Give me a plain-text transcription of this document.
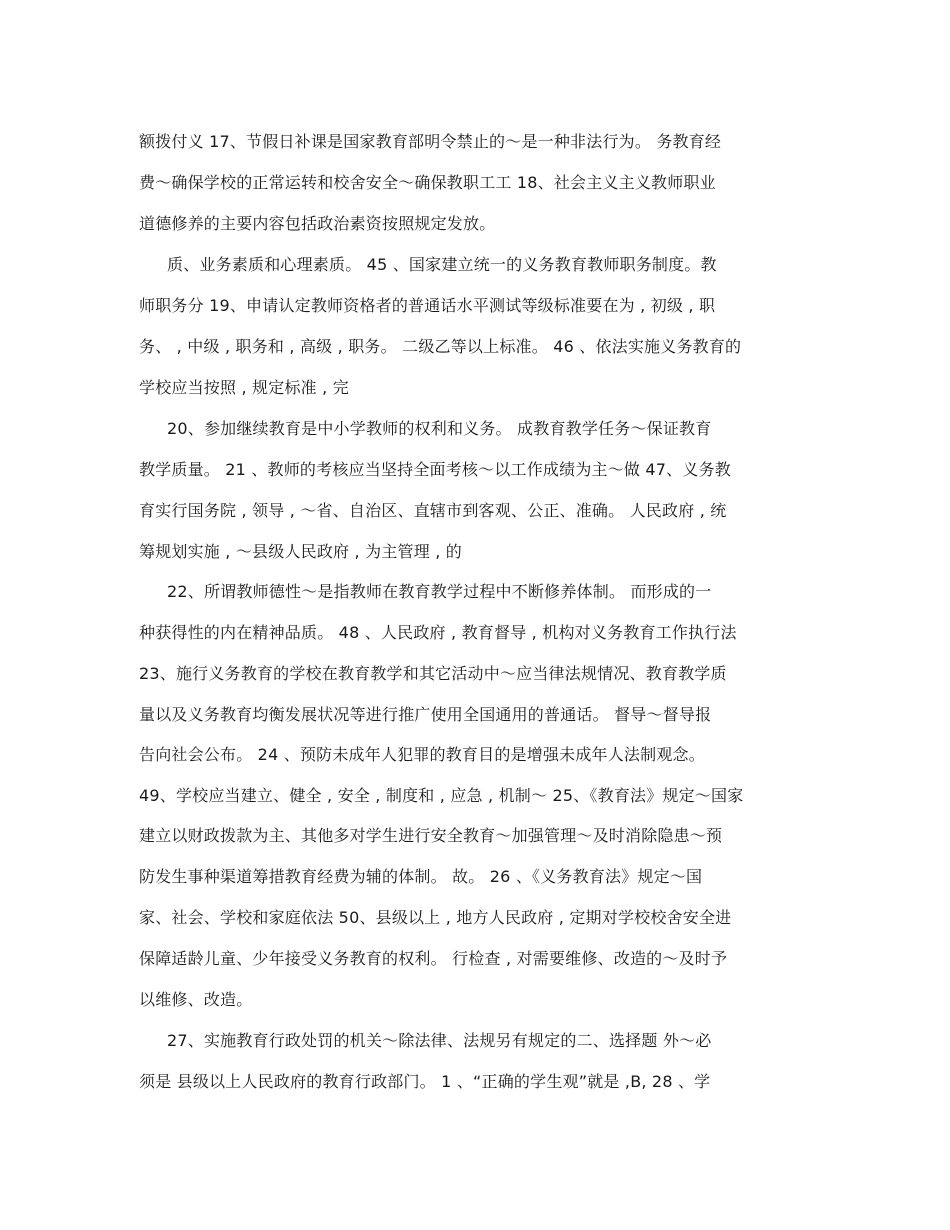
额拨付义 17、节假日补课是国家教育部明令禁止的～是一种非法行为。 务教育经
费～确保学校的正常运转和校舍安全～确保教职工工 18、社会主义主义教师职业
道德修养的主要内容包括政治素资按照规定发放。
质、业务素质和心理素质。 45 、国家建立统一的义务教育教师职务制度。教
师职务分 19、申请认定教师资格者的普通话水平测试等级标准要在为 , 初级 , 职
务、 , 中级 , 职务和 , 高级 , 职务。 二级乙等以上标准。 46 、依法实施义务教育的
学校应当按照 , 规定标准 , 完
20、参加继续教育是中小学教师的权利和义务。 成教育教学任务～保证教育
教学质量。 21 、教师的考核应当坚持全面考核～以工作成绩为主～做 47、义务教
育实行国务院 , 领导 , ～省、自治区、直辖市到客观、公正、准确。 人民政府 , 统
筹规划实施 , ～县级人民政府 , 为主管理 , 的
22、所谓教师德性～是指教师在教育教学过程中不断修养体制。 而形成的一
种获得性的内在精神品质。 48 、人民政府 , 教育督导 , 机构对义务教育工作执行法
23、施行义务教育的学校在教育教学和其它活动中～应当律法规情况、教育教学质
量以及义务教育均衡发展状况等进行推广使用全国通用的普通话。 督导～督导报
告向社会公布。 24 、预防未成年人犯罪的教育目的是增强未成年人法制观念。
49、学校应当建立、健全 , 安全 , 制度和 , 应急 , 机制～ 25、《教育法》规定～国家
建立以财政拨款为主、其他多对学生进行安全教育～加强管理～及时消除隐患～预
防发生事种渠道筹措教育经费为辅的体制。 故。 26 、《义务教育法》规定～国
家、社会、学校和家庭依法 50、县级以上 , 地方人民政府 , 定期对学校校舍安全进
保障适龄儿童、少年接受义务教育的权利。 行检查 , 对需要维修、改造的～及时予
以维修、改造。
27、实施教育行政处罚的机关～除法律、法规另有规定的二、选择题 外～必
须是 县级以上人民政府的教育行政部门。 1 、“正确的学生观”就是 ,B, 28 、学
